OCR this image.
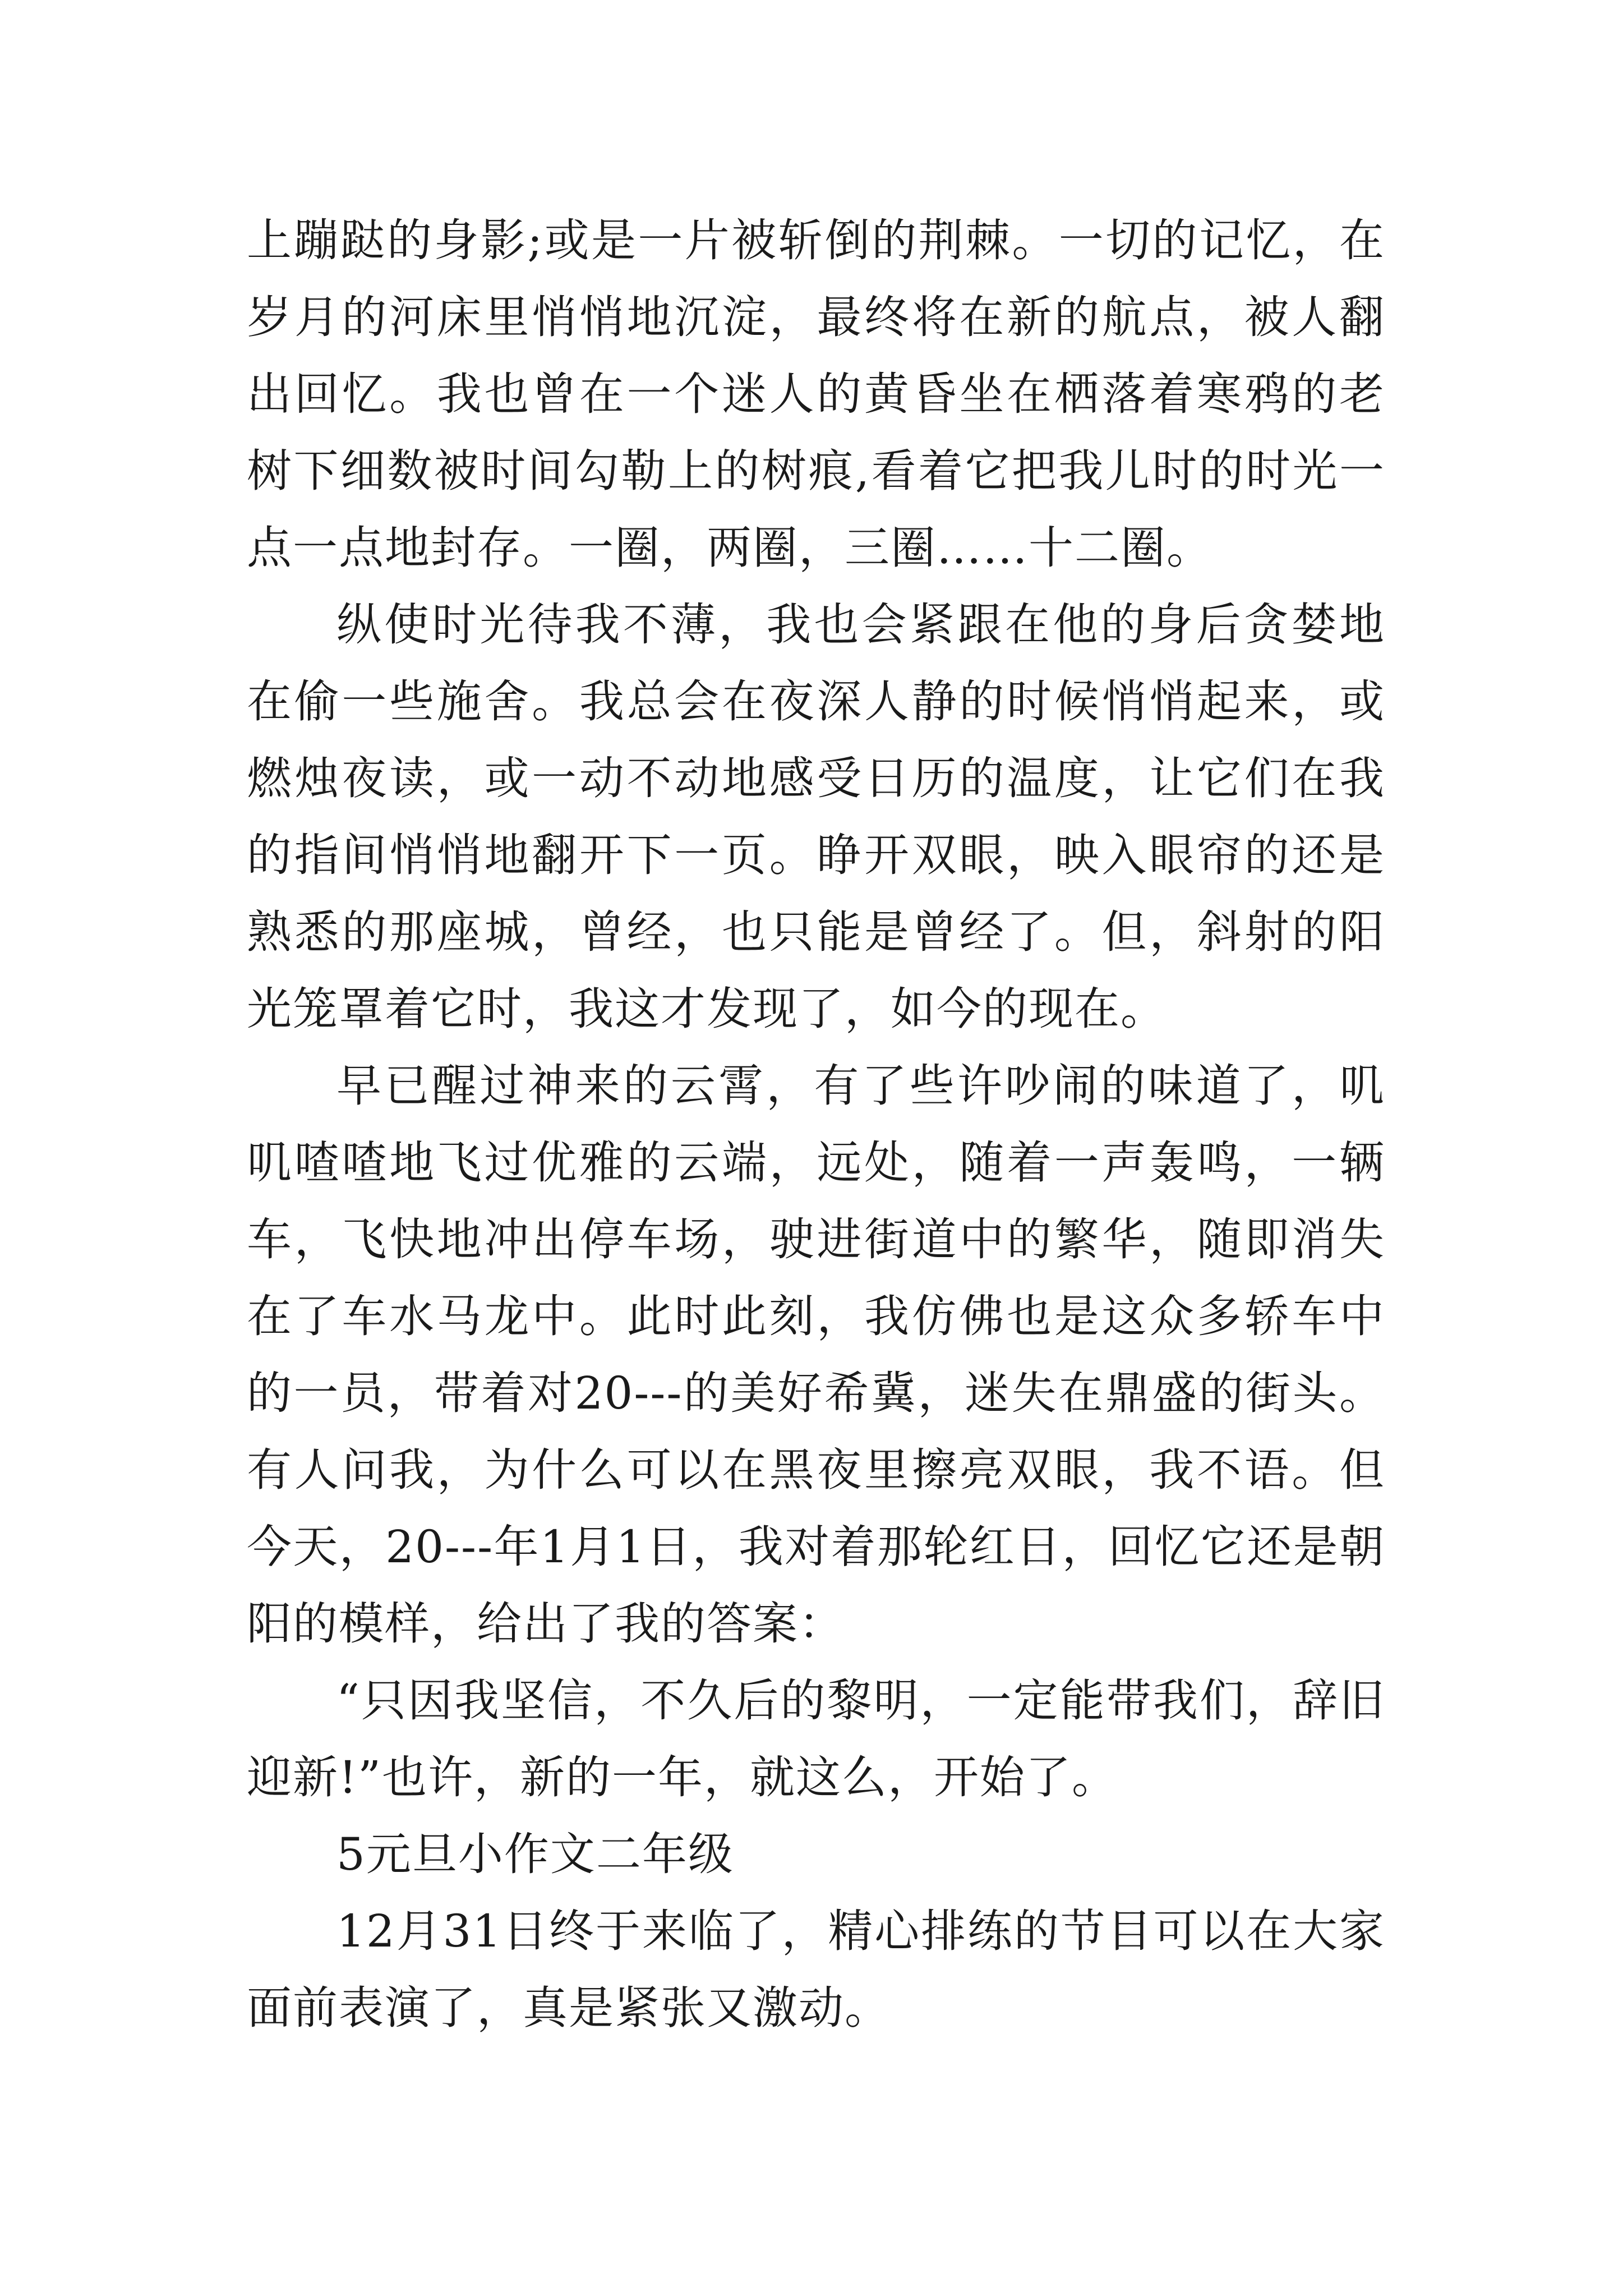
上蹦跶的身影;或是一片被斩倒的荆棘。一切的记忆，在岁月的河床里悄悄地沉淀，最终将在新的航点，被人翻出回忆。我也曾在一个迷人的黄昏坐在栖落着寒鸦的老树下细数被时间勾勒上的树痕,看着它把我儿时的时光一点一点地封存。一圈，两圈，三圈……十二圈。

纵使时光待我不薄，我也会紧跟在他的身后贪婪地在偷一些施舍。我总会在夜深人静的时候悄悄起来，或燃烛夜读，或一动不动地感受日历的温度，让它们在我的指间悄悄地翻开下一页。睁开双眼，映入眼帘的还是熟悉的那座城，曾经，也只能是曾经了。但，斜射的阳光笼罩着它时，我这才发现了，如今的现在。

早已醒过神来的云霄，有了些许吵闹的味道了，叽叽喳喳地飞过优雅的云端，远处，随着一声轰鸣，一辆车，飞快地冲出停车场，驶进街道中的繁华，随即消失在了车水马龙中。此时此刻，我仿佛也是这众多轿车中的一员，带着对20---的美好希冀，迷失在鼎盛的街头。有人问我，为什么可以在黑夜里擦亮双眼，我不语。但今天，20---年1月1日，我对着那轮红日，回忆它还是朝阳的模样，给出了我的答案：

“只因我坚信，不久后的黎明，一定能带我们，辞旧迎新!”也许，新的一年，就这么，开始了。

5元旦小作文二年级

12月31日终于来临了，精心排练的节目可以在大家面前表演了，真是紧张又激动。
